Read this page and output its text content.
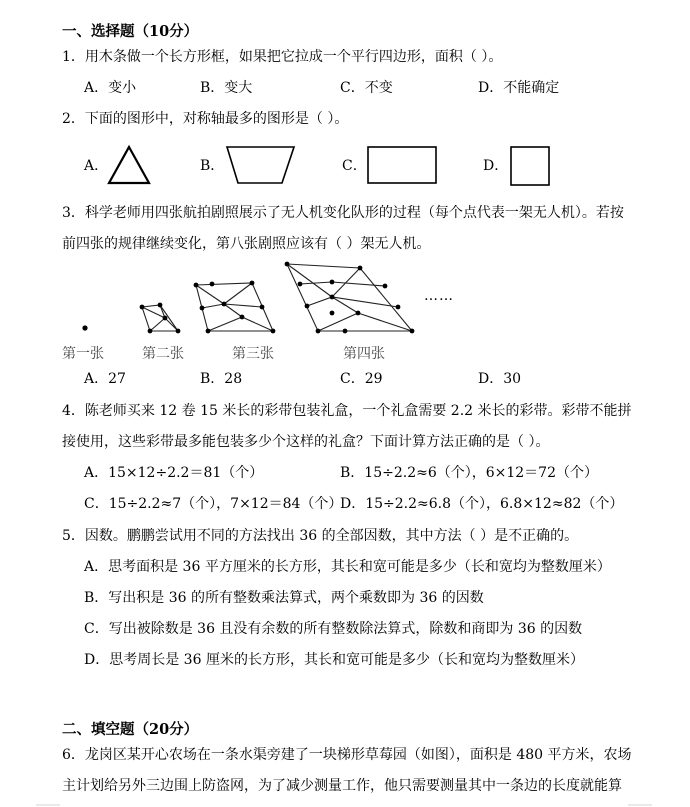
一、选择题（10分）
1．用木条做一个长方形框，如果把它拉成一个平行四边形，面积（ ）。
A．变小	B．变大	C．不变	D．不能确定
2．下面的图形中，对称轴最多的图形是（ ）。
A．	B．	C．	D．
3．科学老师用四张航拍剧照展示了无人机变化队形的过程（每个点代表一架无人机）。若按
前四张的规律继续变化，第八张剧照应该有（ ）架无人机。
……
第一张	第二张	第三张	第四张
A．27	B．28	C．29	D．30
4．陈老师买来 12 卷 15 米长的彩带包装礼盒，一个礼盒需要 2.2 米长的彩带。彩带不能拼
接使用，这些彩带最多能包装多少个这样的礼盒？下面计算方法正确的是（ ）。
A．15×12÷2.2＝81（个）	B．15÷2.2≈6（个），6×12＝72（个）
C．15÷2.2≈7（个），7×12＝84（个）
D．15÷2.2≈6.8（个），6.8×12≈82（个）
5．因数。鹏鹏尝试用不同的方法找出 36 的全部因数，其中方法（ ）是不正确的。
A．思考面积是 36 平方厘米的长方形，其长和宽可能是多少（长和宽均为整数厘米）
B．写出积是 36 的所有整数乘法算式，两个乘数即为 36 的因数
C．写出被除数是 36 且没有余数的所有整数除法算式，除数和商即为 36 的因数
D．思考周长是 36 厘米的长方形，其长和宽可能是多少（长和宽均为整数厘米）
二、填空题（20分）
6．龙岗区某开心农场在一条水渠旁建了一块梯形草莓园（如图），面积是 480 平方米，农场
主计划给另外三边围上防盗网，为了减少测量工作，他只需要测量其中一条边的长度就能算
